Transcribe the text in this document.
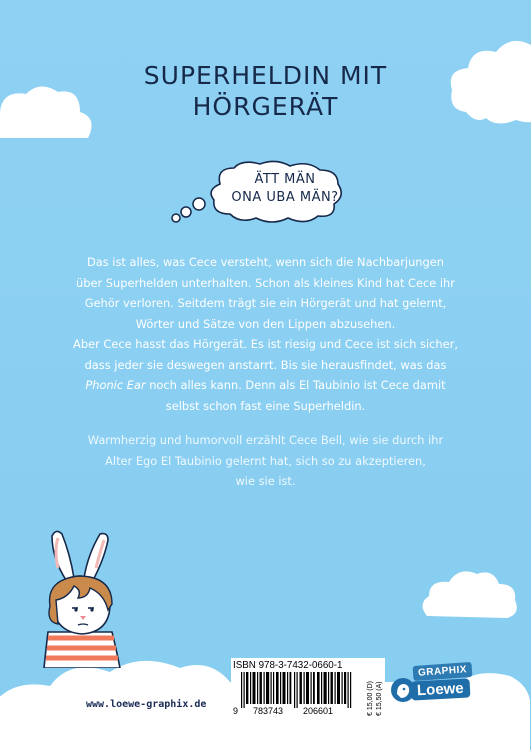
SUPERHELDIN MIT
HÖRGERÄT
ÄTT MÄN
ONA UBA MÄN?

Das ist alles, was Cece versteht, wenn sich die Nachbarjungen

über Superhelden unterhalten. Schon als kleines Kind hat Cece ihr

Gehör verloren. Seitdem trägt sie ein Hörgerät und hat gelernt,

Wörter und Sätze von den Lippen abzusehen.

Aber Cece hasst das Hörgerät. Es ist riesig und Cece ist sich sicher,

dass jeder sie deswegen anstarrt. Bis sie herausfindet, was das

Phonic Ear noch alles kann. Denn als El Taubinio ist Cece damit

selbst schon fast eine Superheldin.

Warmherzig und humorvoll erzählt Cece Bell, wie sie durch ihr

Alter Ego El Taubinio gelernt hat, sich so zu akzeptieren,

wie sie ist.

www.loewe-graphix.de
ISBN 978-3-7432-0660-1
9 783743 206601	€ 15,00 (D) € 15,50 (A)
GRAPHIX
Loewe
